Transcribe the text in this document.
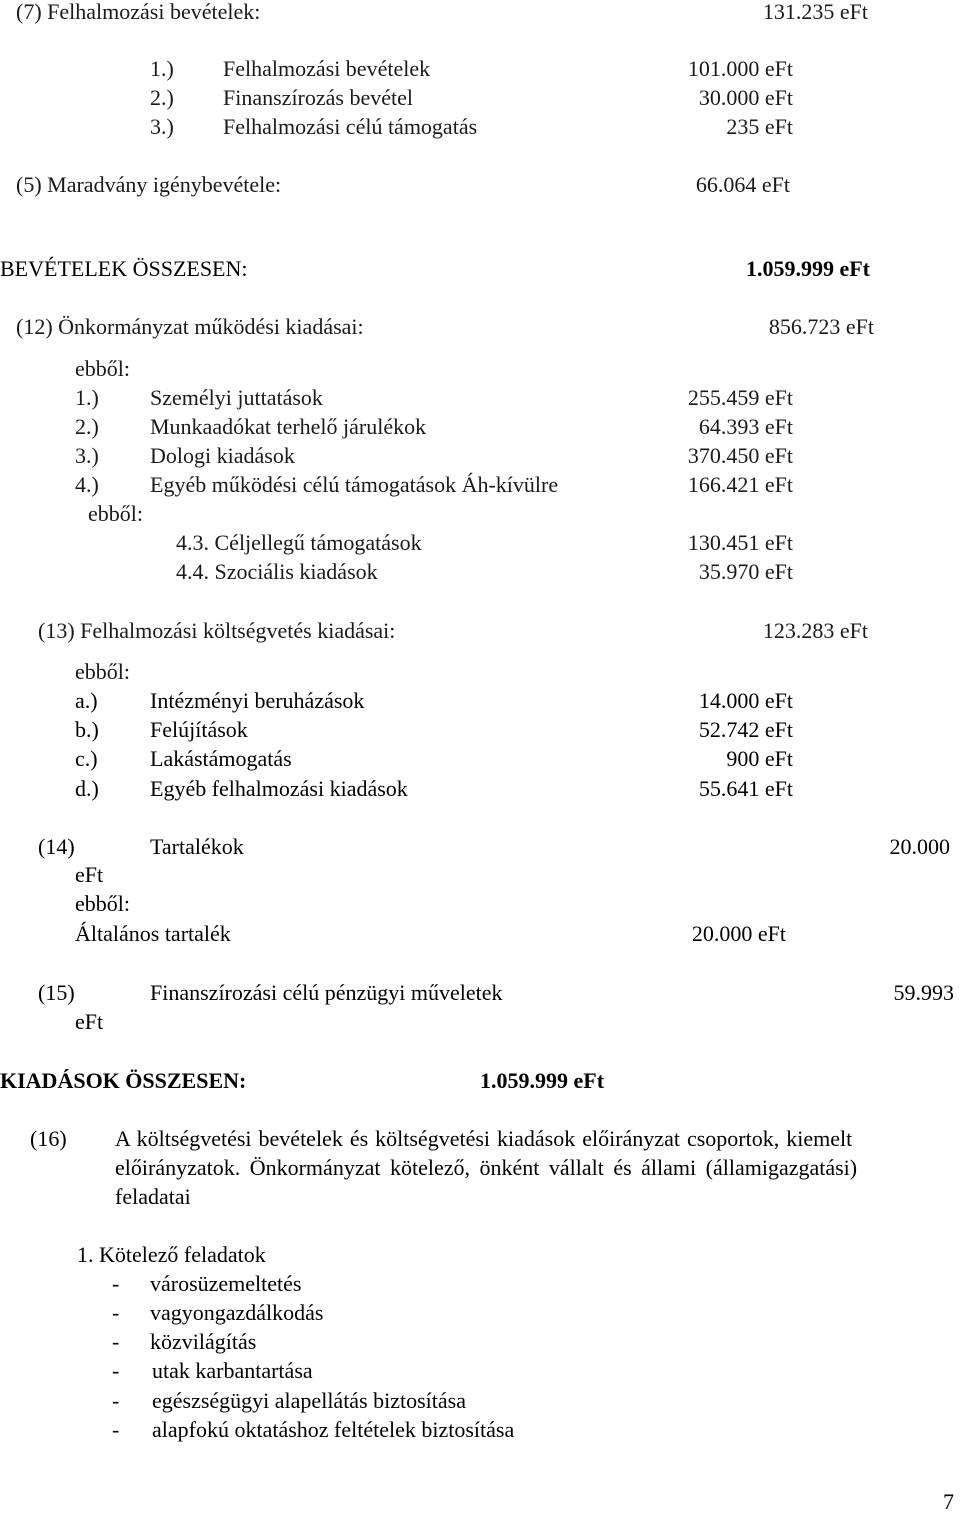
(7) Felhalmozási bevételek:	131.235 eFt
1.) Felhalmozási bevételek	101.000 eFt
2.) Finanszírozás bevétel	30.000 eFt
3.) Felhalmozási célú támogatás	235 eFt
(5) Maradvány igénybevétele:	66.064 eFt
BEVÉTELEK ÖSSZESEN:	1.059.999 eFt
(12) Önkormányzat működési kiadásai:	856.723 eFt
ebből:
1.) Személyi juttatások	255.459 eFt
2.) Munkaadókat terhelő járulékok	64.393 eFt
3.) Dologi kiadások	370.450 eFt
4.) Egyéb működési célú támogatások Áh-kívülre	166.421 eFt
ebből:
4.3. Céljellegű támogatások	130.451 eFt
4.4. Szociális kiadások	35.970 eFt
(13) Felhalmozási költségvetés kiadásai:	123.283 eFt
ebből:
a.) Intézményi beruházások	14.000 eFt
b.) Felújítások	52.742 eFt
c.) Lakástámogatás	900 eFt
d.) Egyéb felhalmozási kiadások	55.641 eFt
(14)	Tartalékok	20.000
eFt
ebből:
Általános tartalék	20.000 eFt
(15)	Finanszírozási célú pénzügyi műveletek	59.993
eFt
KIADÁSOK ÖSSZESEN:	1.059.999 eFt
(16) A költségvetési bevételek és költségvetési kiadások előirányzat csoportok, kiemelt
előirányzatok. Önkormányzat kötelező, önként vállalt és állami (államigazgatási)
feladatai
1. Kötelező feladatok
- városüzemeltetés
- vagyongazdálkodás
- közvilágítás
- utak karbantartása
- egészségügyi alapellátás biztosítása
- alapfokú oktatáshoz feltételek biztosítása
7
